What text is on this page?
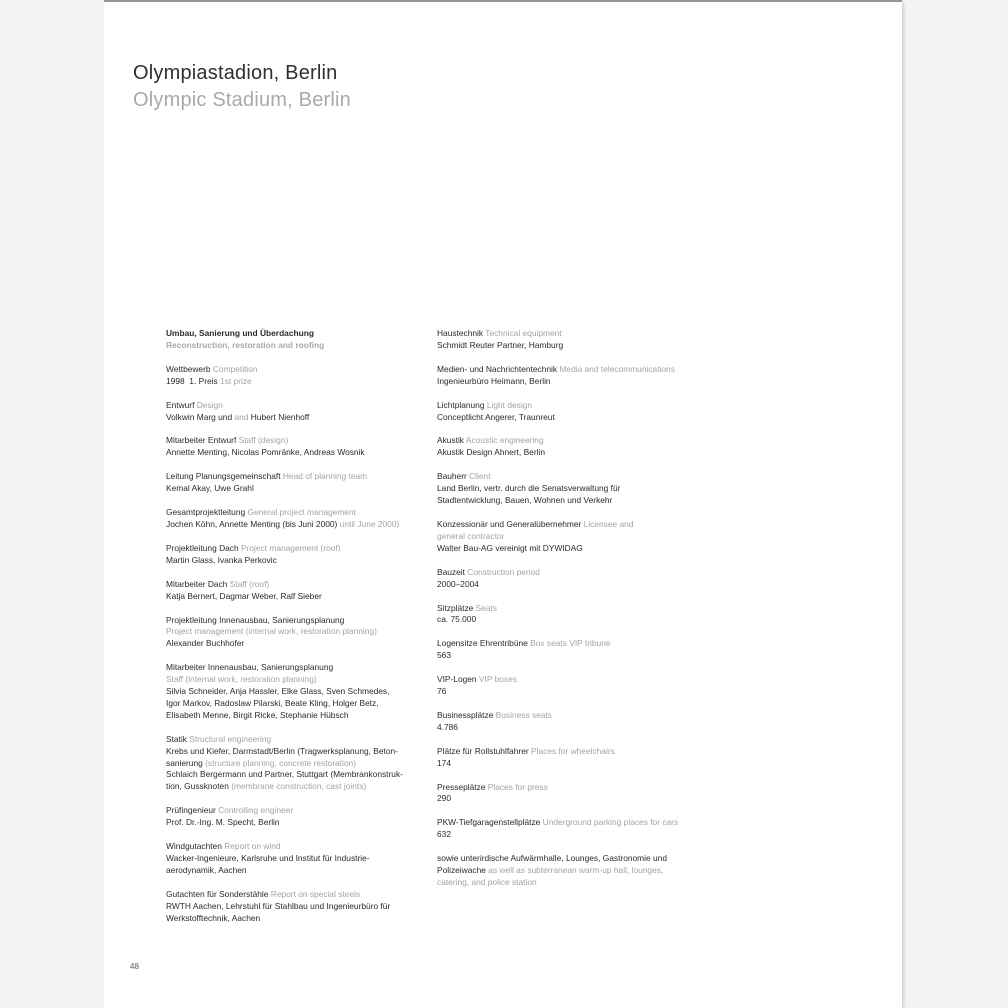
Olympiastadion, Berlin
Olympic Stadium, Berlin
Umbau, Sanierung und Überdachung
Reconstruction, restoration and roofing
Wettbewerb Competition
1998 1. Preis 1st prize
Entwurf Design
Volkwin Marg und and Hubert Nienhoff
Mitarbeiter Entwurf Staff (design)
Annette Menting, Nicolas Pomränke, Andreas Wosnik
Leitung Planungsgemeinschaft Head of planning team
Kemal Akay, Uwe Grahl
Gesamtprojektleitung General project management
Jochen Köhn, Annette Menting (bis Juni 2000) until June 2000)
Projektleitung Dach Project management (roof)
Martin Glass, Ivanka Perkovic
Mitarbeiter Dach Staff (roof)
Katja Bernert, Dagmar Weber, Ralf Sieber
Projektleitung Innenausbau, Sanierungsplanung
Project management (internal work, restoration planning)
Alexander Buchhofer
Mitarbeiter Innenausbau, Sanierungsplanung
Staff (internal work, restoration planning)
Silvia Schneider, Anja Hassler, Elke Glass, Sven Schmedes,
Igor Markov, Radoslaw Pilarski, Beate Kling, Holger Betz,
Elisabeth Menne, Birgit Ricke, Stephanie Hübsch
Statik Structural engineering
Krebs und Kiefer, Darmstadt/Berlin (Tragwerksplanung, Beton-
sanierung (structure planning, concrete restoration)
Schlaich Bergermann und Partner, Stuttgart (Membrankonstruk-
tion, Gussknoten (membrane construction, cast joints)
Prüfingenieur Controlling engineer
Prof. Dr.-Ing. M. Specht, Berlin
Windgutachten Report on wind
Wacker-Ingenieure, Karlsruhe und Institut für Industrie-
aerodynamik, Aachen
Gutachten für Sonderstähle Report on special steels
RWTH Aachen, Lehrstuhl für Stahlbau und Ingenieurbüro für
Werkstofftechnik, Aachen
Haustechnik Technical equipment
Schmidt Reuter Partner, Hamburg
Medien- und Nachrichtentechnik Media and telecommunications
Ingenieurbüro Heimann, Berlin
Lichtplanung Light design
Conceptlicht Angerer, Traunreut
Akustik Acoustic engineering
Akustik Design Ahnert, Berlin
Bauherr Client
Land Berlin, vertr. durch die Senatsverwaltung für
Stadtentwicklung, Bauen, Wohnen und Verkehr
Konzessionär und Generalübernehmer Licensee and
general contractor
Walter Bau-AG vereinigt mit DYWIDAG
Bauzeit Construction period
2000–2004
Sitzplätze Seats
ca. 75.000
Logensitze Ehrentribüne Box seats VIP tribune
563
VIP-Logen VIP boxes
76
Businessplätze Business seats
4.786
Plätze für Rollstuhlfahrer Places for wheelchairs
174
Presseplätze Places for press
290
PKW-Tiefgaragenstellplätze Underground parking places for cars
632
sowie unterirdische Aufwärmhalle, Lounges, Gastronomie und
Polizeiwache as well as subterranean warm-up hall, lounges,
catering, and police station
48
